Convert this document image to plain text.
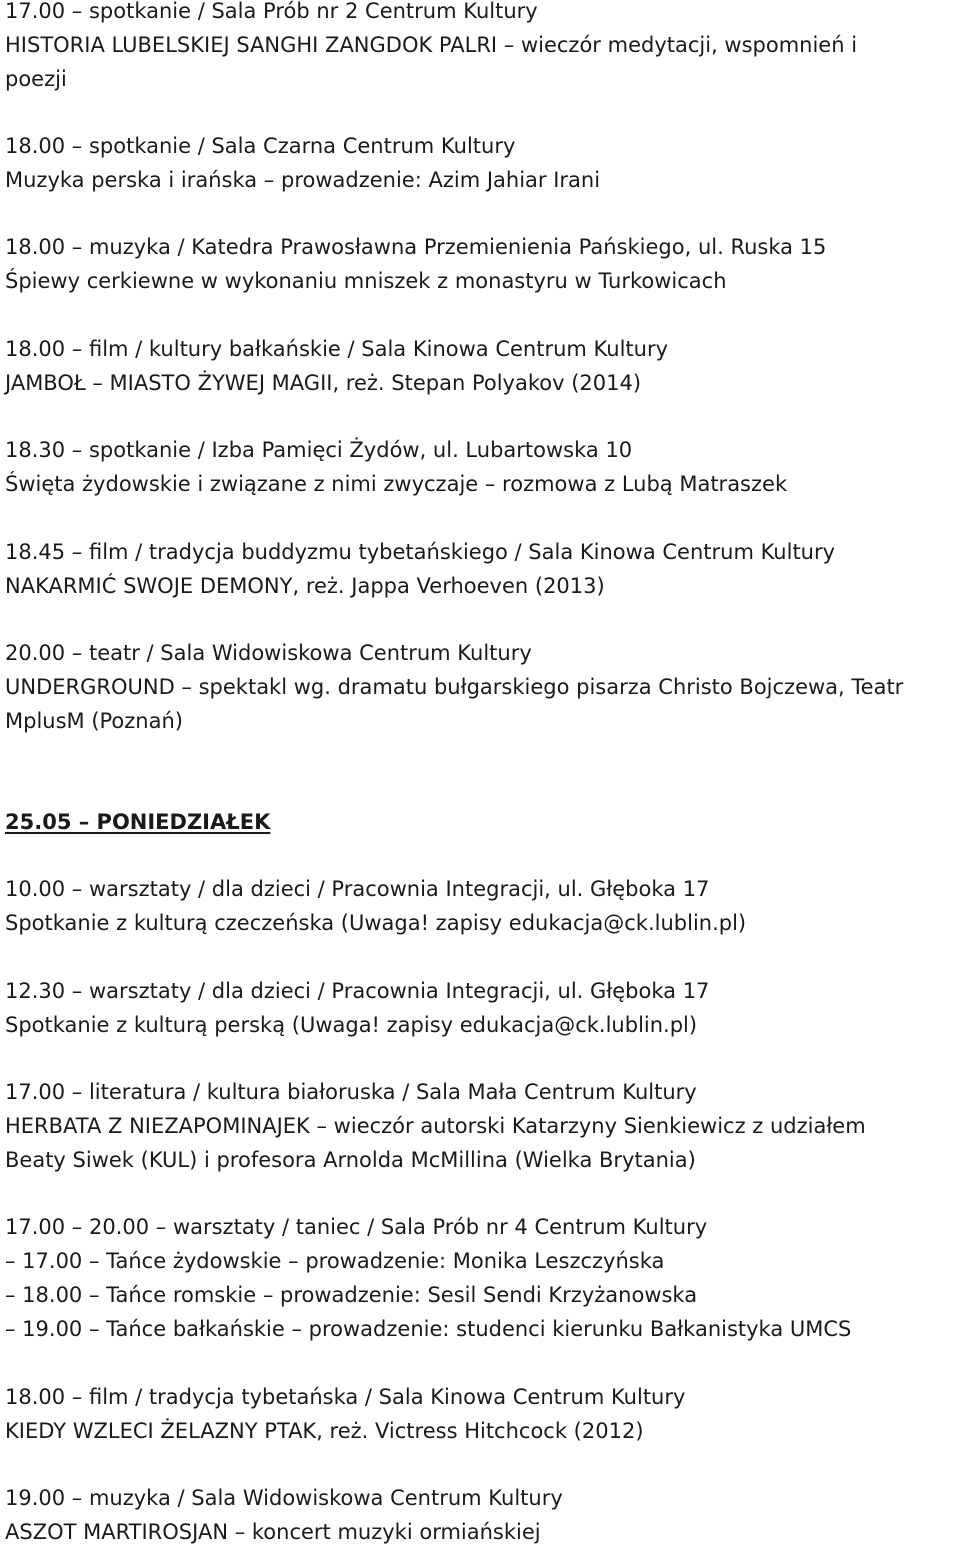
17.00 – spotkanie / Sala Prób nr 2 Centrum Kultury
HISTORIA LUBELSKIEJ SANGHI ZANGDOK PALRI – wieczór medytacji, wspomnień i
poezji
18.00 – spotkanie / Sala Czarna Centrum Kultury
Muzyka perska i irańska – prowadzenie: Azim Jahiar Irani
18.00 – muzyka / Katedra Prawosławna Przemienienia Pańskiego, ul. Ruska 15
Śpiewy cerkiewne w wykonaniu mniszek z monastyru w Turkowicach
18.00 – film / kultury bałkańskie / Sala Kinowa Centrum Kultury
JAMBOŁ – MIASTO ŻYWEJ MAGII, reż. Stepan Polyakov (2014)
18.30 – spotkanie / Izba Pamięci Żydów, ul. Lubartowska 10
Święta żydowskie i związane z nimi zwyczaje – rozmowa z Lubą Matraszek
18.45 – film / tradycja buddyzmu tybetańskiego / Sala Kinowa Centrum Kultury
NAKARMIĆ SWOJE DEMONY, reż. Jappa Verhoeven (2013)
20.00 – teatr / Sala Widowiskowa Centrum Kultury
UNDERGROUND – spektakl wg. dramatu bułgarskiego pisarza Christo Bojczewa, Teatr
MplusM (Poznań)
25.05 – PONIEDZIAŁEK
10.00 – warsztaty / dla dzieci / Pracownia Integracji, ul. Głęboka 17
Spotkanie z kulturą czeczeńska (Uwaga! zapisy edukacja@ck.lublin.pl)
12.30 – warsztaty / dla dzieci / Pracownia Integracji, ul. Głęboka 17
Spotkanie z kulturą perską (Uwaga! zapisy edukacja@ck.lublin.pl)
17.00 – literatura / kultura białoruska / Sala Mała Centrum Kultury
HERBATA Z NIEZAPOMINAJEK – wieczór autorski Katarzyny Sienkiewicz z udziałem
Beaty Siwek (KUL) i profesora Arnolda McMillina (Wielka Brytania)
17.00 – 20.00 – warsztaty / taniec / Sala Prób nr 4 Centrum Kultury
– 17.00 – Tańce żydowskie – prowadzenie: Monika Leszczyńska
– 18.00 – Tańce romskie – prowadzenie: Sesil Sendi Krzyżanowska
– 19.00 – Tańce bałkańskie – prowadzenie: studenci kierunku Bałkanistyka UMCS
18.00 – film / tradycja tybetańska / Sala Kinowa Centrum Kultury
KIEDY WZLECI ŻELAZNY PTAK, reż. Victress Hitchcock (2012)
19.00 – muzyka / Sala Widowiskowa Centrum Kultury
ASZOT MARTIROSJAN – koncert muzyki ormiańskiej
